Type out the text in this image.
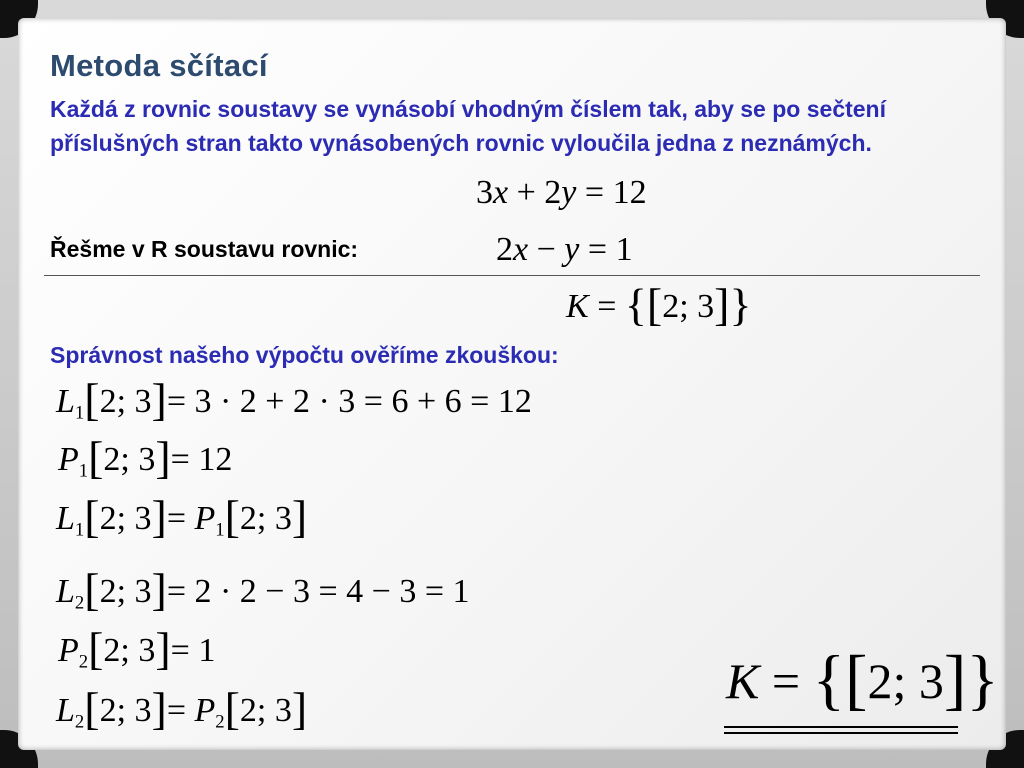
Metoda sčítací
Každá z rovnic soustavy se vynásobí vhodným číslem tak, aby se po sečtení příslušných stran takto vynásobených rovnic vyloučila jedna z neznámých.
3x + 2y = 12
Řešme v R soustavu rovnic:	2x − y = 1
K = {[2; 3]}
Správnost našeho výpočtu ověříme zkouškou:
$L_1[2$; 3]= 3 · 2 + 2 · 3 = 6 + 6 = 12
$P_1[2$; 3]= 12
$L_1[2$; $3]= P_1[2$; 3]
$L_2[2$; 3]= 2 · 2 − 3 = 4 − 3 = 1
$P_2[2$; 3]= 1
$L_2[2$; $3]= P_2[2$; 3]	K = {[2; 3]}
